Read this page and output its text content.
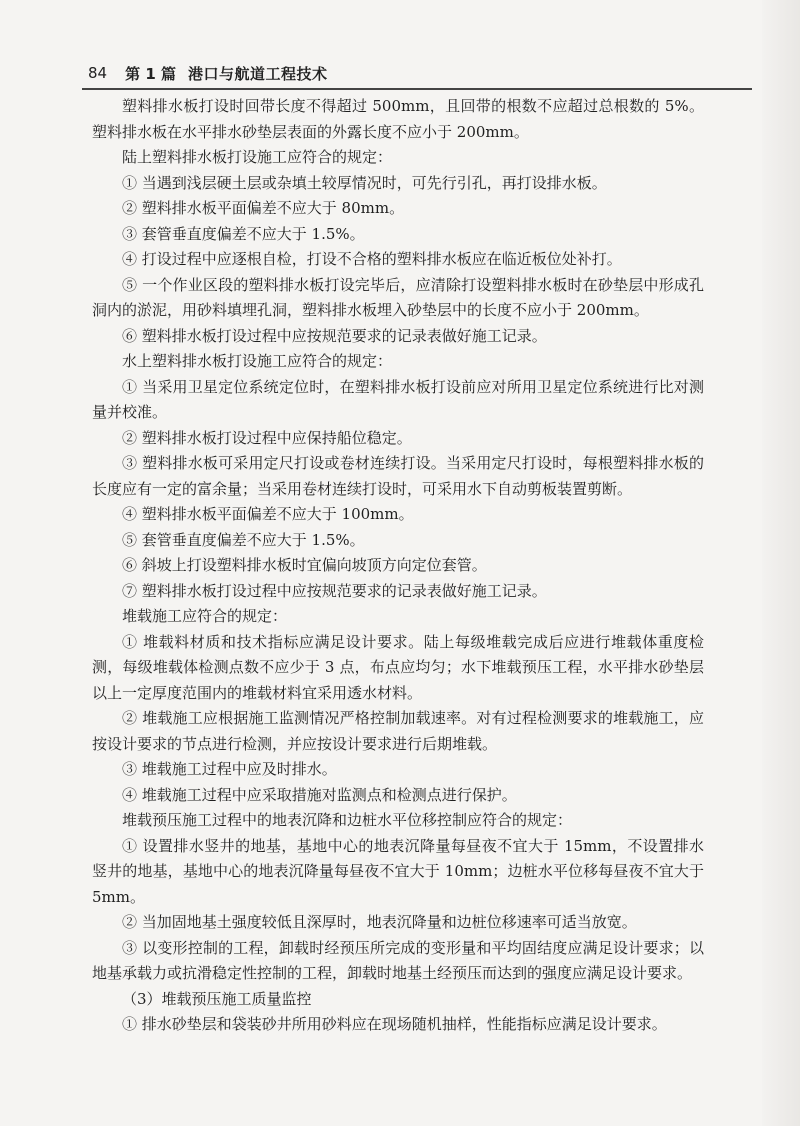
84 第 1 篇 港口与航道工程技术

塑料排水板打设时回带长度不得超过 500mm，且回带的根数不应超过总根数的 5%。塑料排水板在水平排水砂垫层表面的外露长度不应小于 200mm。

陆上塑料排水板打设施工应符合的规定：

① 当遇到浅层硬土层或杂填土较厚情况时，可先行引孔，再打设排水板。

② 塑料排水板平面偏差不应大于 80mm。

③ 套管垂直度偏差不应大于 1.5%。

④ 打设过程中应逐根自检，打设不合格的塑料排水板应在临近板位处补打。

⑤ 一个作业区段的塑料排水板打设完毕后，应清除打设塑料排水板时在砂垫层中形成孔洞内的淤泥，用砂料填埋孔洞，塑料排水板埋入砂垫层中的长度不应小于 200mm。

⑥ 塑料排水板打设过程中应按规范要求的记录表做好施工记录。

水上塑料排水板打设施工应符合的规定：

① 当采用卫星定位系统定位时，在塑料排水板打设前应对所用卫星定位系统进行比对测量并校准。

② 塑料排水板打设过程中应保持船位稳定。

③ 塑料排水板可采用定尺打设或卷材连续打设。当采用定尺打设时，每根塑料排水板的长度应有一定的富余量；当采用卷材连续打设时，可采用水下自动剪板装置剪断。

④ 塑料排水板平面偏差不应大于 100mm。

⑤ 套管垂直度偏差不应大于 1.5%。

⑥ 斜坡上打设塑料排水板时宜偏向坡顶方向定位套管。

⑦ 塑料排水板打设过程中应按规范要求的记录表做好施工记录。

堆载施工应符合的规定：

① 堆载料材质和技术指标应满足设计要求。陆上每级堆载完成后应进行堆载体重度检测，每级堆载体检测点数不应少于 3 点，布点应均匀；水下堆载预压工程，水平排水砂垫层以上一定厚度范围内的堆载材料宜采用透水材料。

② 堆载施工应根据施工监测情况严格控制加载速率。对有过程检测要求的堆载施工，应按设计要求的节点进行检测，并应按设计要求进行后期堆载。

③ 堆载施工过程中应及时排水。

④ 堆载施工过程中应采取措施对监测点和检测点进行保护。

堆载预压施工过程中的地表沉降和边桩水平位移控制应符合的规定：

① 设置排水竖井的地基，基地中心的地表沉降量每昼夜不宜大于 15mm，不设置排水竖井的地基，基地中心的地表沉降量每昼夜不宜大于 10mm；边桩水平位移每昼夜不宜大于 5mm。

② 当加固地基土强度较低且深厚时，地表沉降量和边桩位移速率可适当放宽。

③ 以变形控制的工程，卸载时经预压所完成的变形量和平均固结度应满足设计要求；以地基承载力或抗滑稳定性控制的工程，卸载时地基土经预压而达到的强度应满足设计要求。

（3）堆载预压施工质量监控

① 排水砂垫层和袋装砂井所用砂料应在现场随机抽样，性能指标应满足设计要求。
